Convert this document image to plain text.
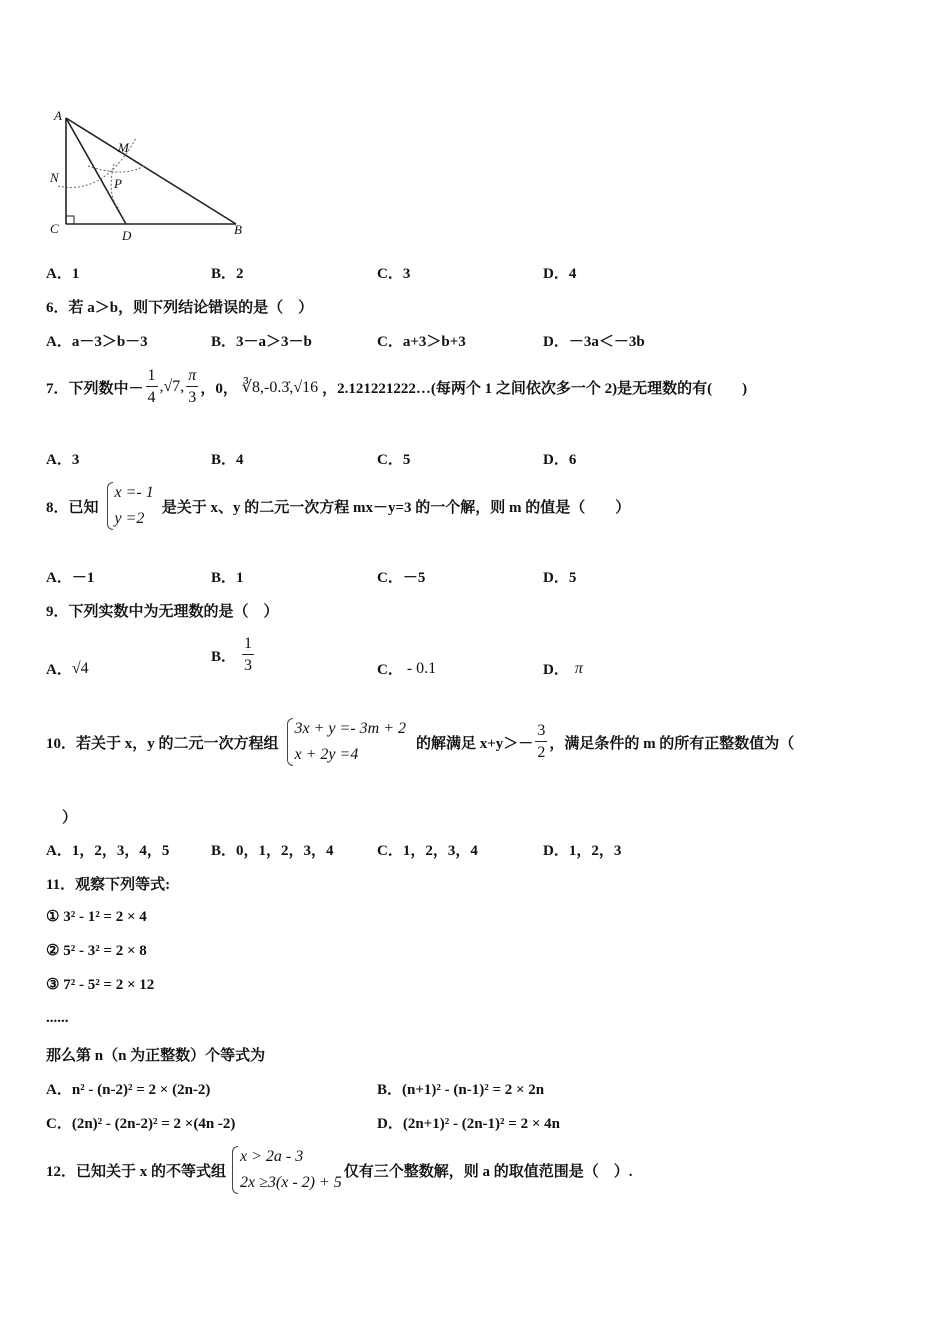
A
M
N	P
C	D	B
A．1	B．2	C．3	D．4
6．若 a＞b，则下列结论错误的是（　）
A．a－3＞b－3	B．3－a＞3－b	C．a+3＞b+3	D．－3a＜－3b
7．下列数中－ $\frac{1}{4} ,√7$, $\frac{\pi}{3}$ ，0， ∛8,-0.3̇,√16 ，2.121221222…(每两个 1 之间依次多一个 2)是无理数的有(　　)
A．3	B．4	C．5	D．6
8．已知
x =- 1
y =2
是关于 x、y 的二元一次方程 mx－y=3 的一个解，则 m 的值是（　　）
A．－1	B．1	C．－5	D．5
9．下列实数中为无理数的是（　）
A． √4
B． $\frac{1}{3}$	C． - 0.1	D． π
10．若关于 x，y 的二元一次方程组
3x + y =- 3m + 2
x + 2y =4
的解满足 $x+y>- \frac{3}{2}$ ，满足条件的 m 的所有正整数值为（
）
A．1，2，3，4，5	B．0，1，2，3，4	C．1，2，3，4	D．1，2，3
11．观察下列等式:
① 3² - 1² = 2 × 4
② 5² - 3² = 2 × 8
③ 7² - 5² = 2 × 12
......
那么第 n（n 为正整数）个等式为
A．n² - (n-2)² = 2 × (2n-2)	B．(n+1)² - (n-1)² = 2 × 2n
C．(2n)² - (2n-2)² = 2 ×(4n -2)	D．(2n+1)² - (2n-1)² = 2 × 4n
12．已知关于 x 的不等式组
x > 2a - 3
2x ≥3(x - 2) + 5
仅有三个整数解，则 a 的取值范围是（　）.
